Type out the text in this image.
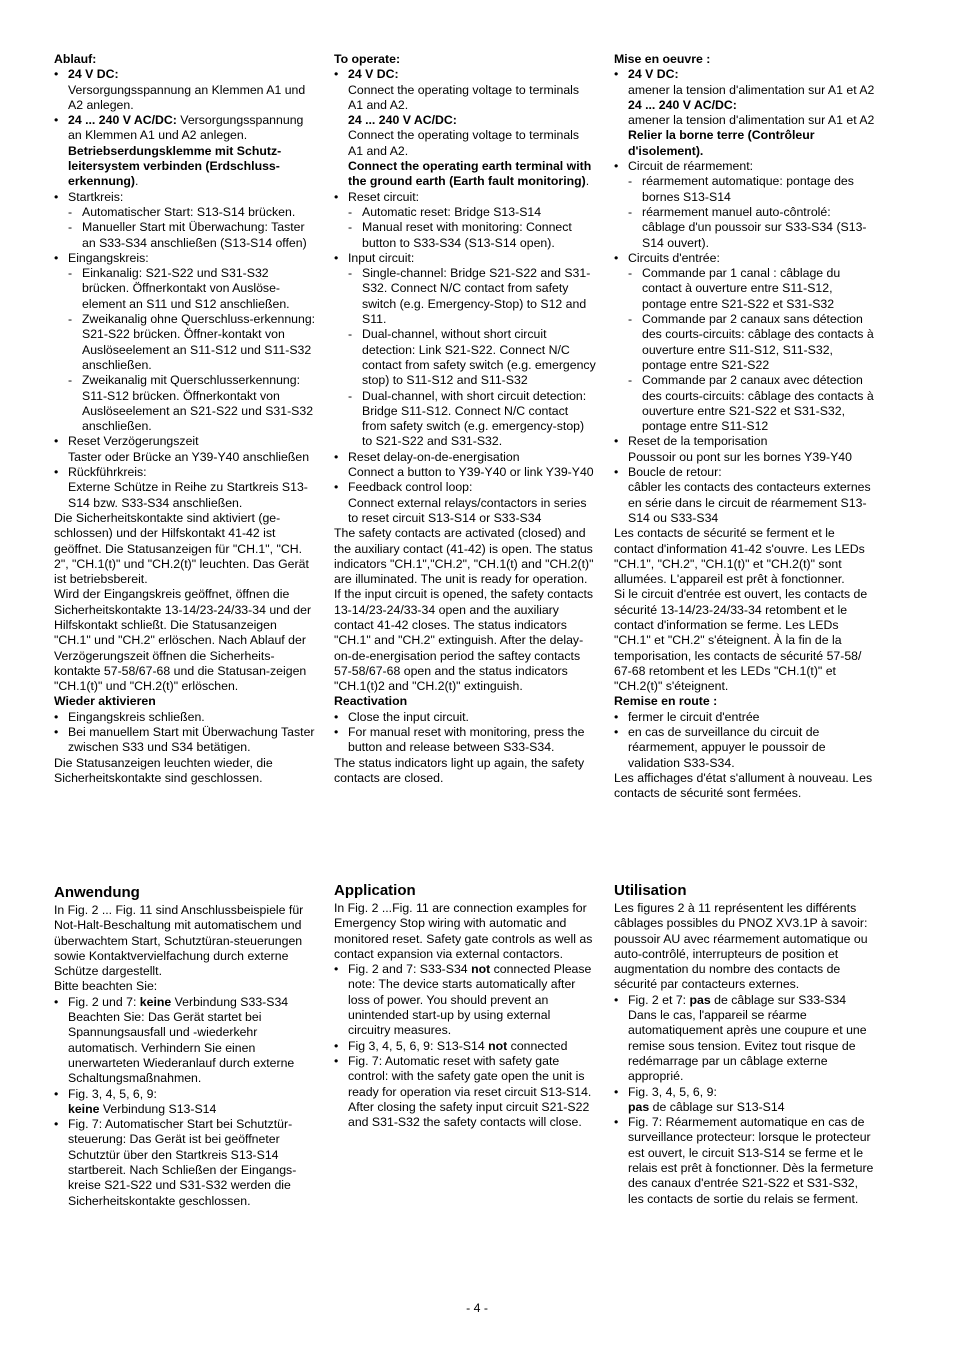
Ablauf:
• 24 V DC:
Versorgungsspannung an Klemmen A1 und A2 anlegen.
• 24 ... 240 V AC/DC: Versorgungsspannung an Klemmen A1 und A2 anlegen.
Betriebserdungsklemme mit Schutz-leitersystem verbinden (Erdschluss-erkennung).
• Startkreis:
- Automatischer Start: S13-S14 brücken.
- Manueller Start mit Überwachung: Taster an S33-S34 anschließen (S13-S14 offen)
• Eingangskreis:
- Einkanalig: S21-S22 und S31-S32 brücken. Öffnerkontakt von Auslöse-element an S11 und S12 anschließen.
- Zweikanalig ohne Querschluss-erkennung: S21-S22 brücken. Öffner-kontakt von Auslöseelement an S11-S12 und S11-S32 anschließen.
- Zweikanalig mit Querschlusserkennung: S11-S12 brücken. Öffnerkontakt von Auslöseelement an S21-S22 und S31-S32 anschließen.
• Reset Verzögerungszeit
Taster oder Brücke an Y39-Y40 anschließen
• Rückführkreis:
Externe Schütze in Reihe zu Startkreis S13-S14 bzw. S33-S34 anschließen.
Die Sicherheitskontakte sind aktiviert (ge-schlossen) und der Hilfskontakt 41-42 ist geöffnet. Die Statusanzeigen für "CH.1", "CH. 2", "CH.1(t)" und "CH.2(t)" leuchten. Das Gerät ist betriebsbereit.
Wird der Eingangskreis geöffnet, öffnen die Sicherheitskontakte 13-14/23-24/33-34 und der Hilfskontakt schließt. Die Statusanzeigen "CH.1" und "CH.2" erlöschen. Nach Ablauf der Verzögerungszeit öffnen die Sicherheits-kontakte 57-58/67-68 und die Statusan-zeigen "CH.1(t)" und "CH.2(t)" erlöschen.
Wieder aktivieren
• Eingangskreis schließen.
• Bei manuellem Start mit Überwachung Taster zwischen S33 und S34 betätigen.
Die Statusanzeigen leuchten wieder, die Sicherheitskontakte sind geschlossen.
Anwendung
In Fig. 2 ... Fig. 11 sind Anschlussbeispiele für Not-Halt-Beschaltung mit automatischem und überwachtem Start, Schutztüran-steuerungen sowie Kontaktvervielfachung durch externe Schütze dargestellt.
Bitte beachten Sie:
• Fig. 2 und 7: keine Verbindung S33-S34 Beachten Sie: Das Gerät startet bei Spannungsausfall und -wiederkehr automatisch. Verhindern Sie einen unerwarteten Wiederanlauf durch externe Schaltungsmaßnahmen.
• Fig. 3, 4, 5, 6, 9:
keine Verbindung S13-S14
• Fig. 7: Automatischer Start bei Schutztür-steuerung: Das Gerät ist bei geöffneter Schutztür über den Startkreis S13-S14 startbereit. Nach Schließen der Eingangs-kreise S21-S22 und S31-S32 werden die Sicherheitskontakte geschlossen.
To operate:
• 24 V DC:
Connect the operating voltage to terminals A1 and A2.
24 ... 240 V AC/DC:
Connect the operating voltage to terminals A1 and A2.
Connect the operating earth terminal with the ground earth (Earth fault monitoring).
• Reset circuit:
- Automatic reset: Bridge S13-S14
- Manual reset with monitoring: Connect button to S33-S34 (S13-S14 open).
• Input circuit:
- Single-channel: Bridge S21-S22 and S31-S32. Connect N/C contact from safety switch (e.g. Emergency-Stop) to S12 and S11.
- Dual-channel, without short circuit detection: Link S21-S22. Connect N/C contact from safety switch (e.g. emergency stop) to S11-S12 and S11-S32
- Dual-channel, with short circuit detection: Bridge S11-S12. Connect N/C contact from safety switch (e.g. emergency-stop) to S21-S22 and S31-S32.
• Reset delay-on-de-energisation
Connect a button to Y39-Y40 or link Y39-Y40
• Feedback control loop:
Connect external relays/contactors in series to reset circuit S13-S14 or S33-S34
The safety contacts are activated (closed) and the auxiliary contact (41-42) is open. The status indicators "CH.1","CH.2", "CH.1(t) and "CH.2(t)" are illuminated. The unit is ready for operation. If the input circuit is opened, the safety contacts 13-14/23-24/33-34 open and the auxiliary contact 41-42 closes. The status indicators "CH.1" and "CH.2" extinguish. After the delay-on-de-energisation period the saftey contacts 57-58/67-68 open and the status indicators "CH.1(t)2 and "CH.2(t)" extinguish.
Reactivation
• Close the input circuit.
• For manual reset with monitoring, press the button and release between S33-S34.
The status indicators light up again, the safety contacts are closed.
Application
In Fig. 2 ...Fig. 11 are connection examples for Emergency Stop wiring with automatic and monitored reset. Safety gate controls as well as contact expansion via external contactors.
• Fig. 2 and 7: S33-S34 not connected Please note: The device starts automatically after loss of power. You should prevent an unintended start-up by using external circuitry measures.
• Fig 3, 4, 5, 6, 9: S13-S14 not connected
• Fig. 7: Automatic reset with safety gate control: with the safety gate open the unit is ready for operation via reset circuit S13-S14. After closing the safety input circuit S21-S22 and S31-S32 the safety contacts will close.
Mise en oeuvre :
• 24 V DC:
amener la tension d'alimentation sur A1 et A2
24 ... 240 V AC/DC:
amener la tension d'alimentation sur A1 et A2
Relier la borne terre (Contrôleur d'isolement).
• Circuit de réarmement:
- réarmement automatique: pontage des bornes S13-S14
- réarmement manuel auto-côntrolé: câblage d'un poussoir sur S33-S34 (S13-S14 ouvert).
• Circuits d'entrée:
- Commande par 1 canal : câblage du contact à ouverture entre S11-S12, pontage entre S21-S22 et S31-S32
- Commande par 2 canaux sans détection des courts-circuits: câblage des contacts à ouverture entre S11-S12, S11-S32, pontage entre S21-S22
- Commande par 2 canaux avec détection des courts-circuits: câblage des contacts à ouverture entre S21-S22 et S31-S32, pontage entre S11-S12
• Reset de la temporisation
Poussoir ou pont sur les bornes Y39-Y40
• Boucle de retour:
câbler les contacts des contacteurs externes en série dans le circuit de réarmement S13-S14 ou S33-S34
Les contacts de sécurité se ferment et le contact d'information 41-42 s'ouvre. Les LEDs "CH.1", "CH.2", "CH.1(t)" et "CH.2(t)" sont allumées. L'appareil est prêt à fonctionner.
Si le circuit d'entrée est ouvert, les contacts de sécurité 13-14/23-24/33-34 retombent et le contact d'information se ferme. Les LEDs "CH.1" et "CH.2" s'éteignent. À la fin de la temporisation, les contacts de sécurité 57-58/ 67-68 retombent et les LEDs "CH.1(t)" et "CH.2(t)" s'éteignent.
Remise en route :
• fermer le circuit d'entrée
• en cas de surveillance du circuit de réarmement, appuyer le poussoir de validation S33-S34.
Les affichages d'état s'allument à nouveau. Les contacts de sécurité sont fermées.
Utilisation
Les figures 2 à 11 représentent les différents câblages possibles du PNOZ XV3.1P à savoir: poussoir AU avec réarmement automatique ou auto-contrôlé, interrupteurs de position et augmentation du nombre des contacts de sécurité par contacteurs externes.
• Fig. 2 et 7: pas de câblage sur S33-S34 Dans le cas, l'appareil se réarme automatiquement après une coupure et une remise sous tension. Evitez tout risque de redémarrage par un câblage externe approprié.
• Fig. 3, 4, 5, 6, 9:
pas de câblage sur S13-S14
• Fig. 7: Réarmement automatique en cas de surveillance protecteur: lorsque le protecteur est ouvert, le circuit S13-S14 se ferme et le relais est prêt à fonctionner. Dès la fermeture des canaux d'entrée S21-S22 et S31-S32, les contacts de sortie du relais se ferment.
- 4 -
